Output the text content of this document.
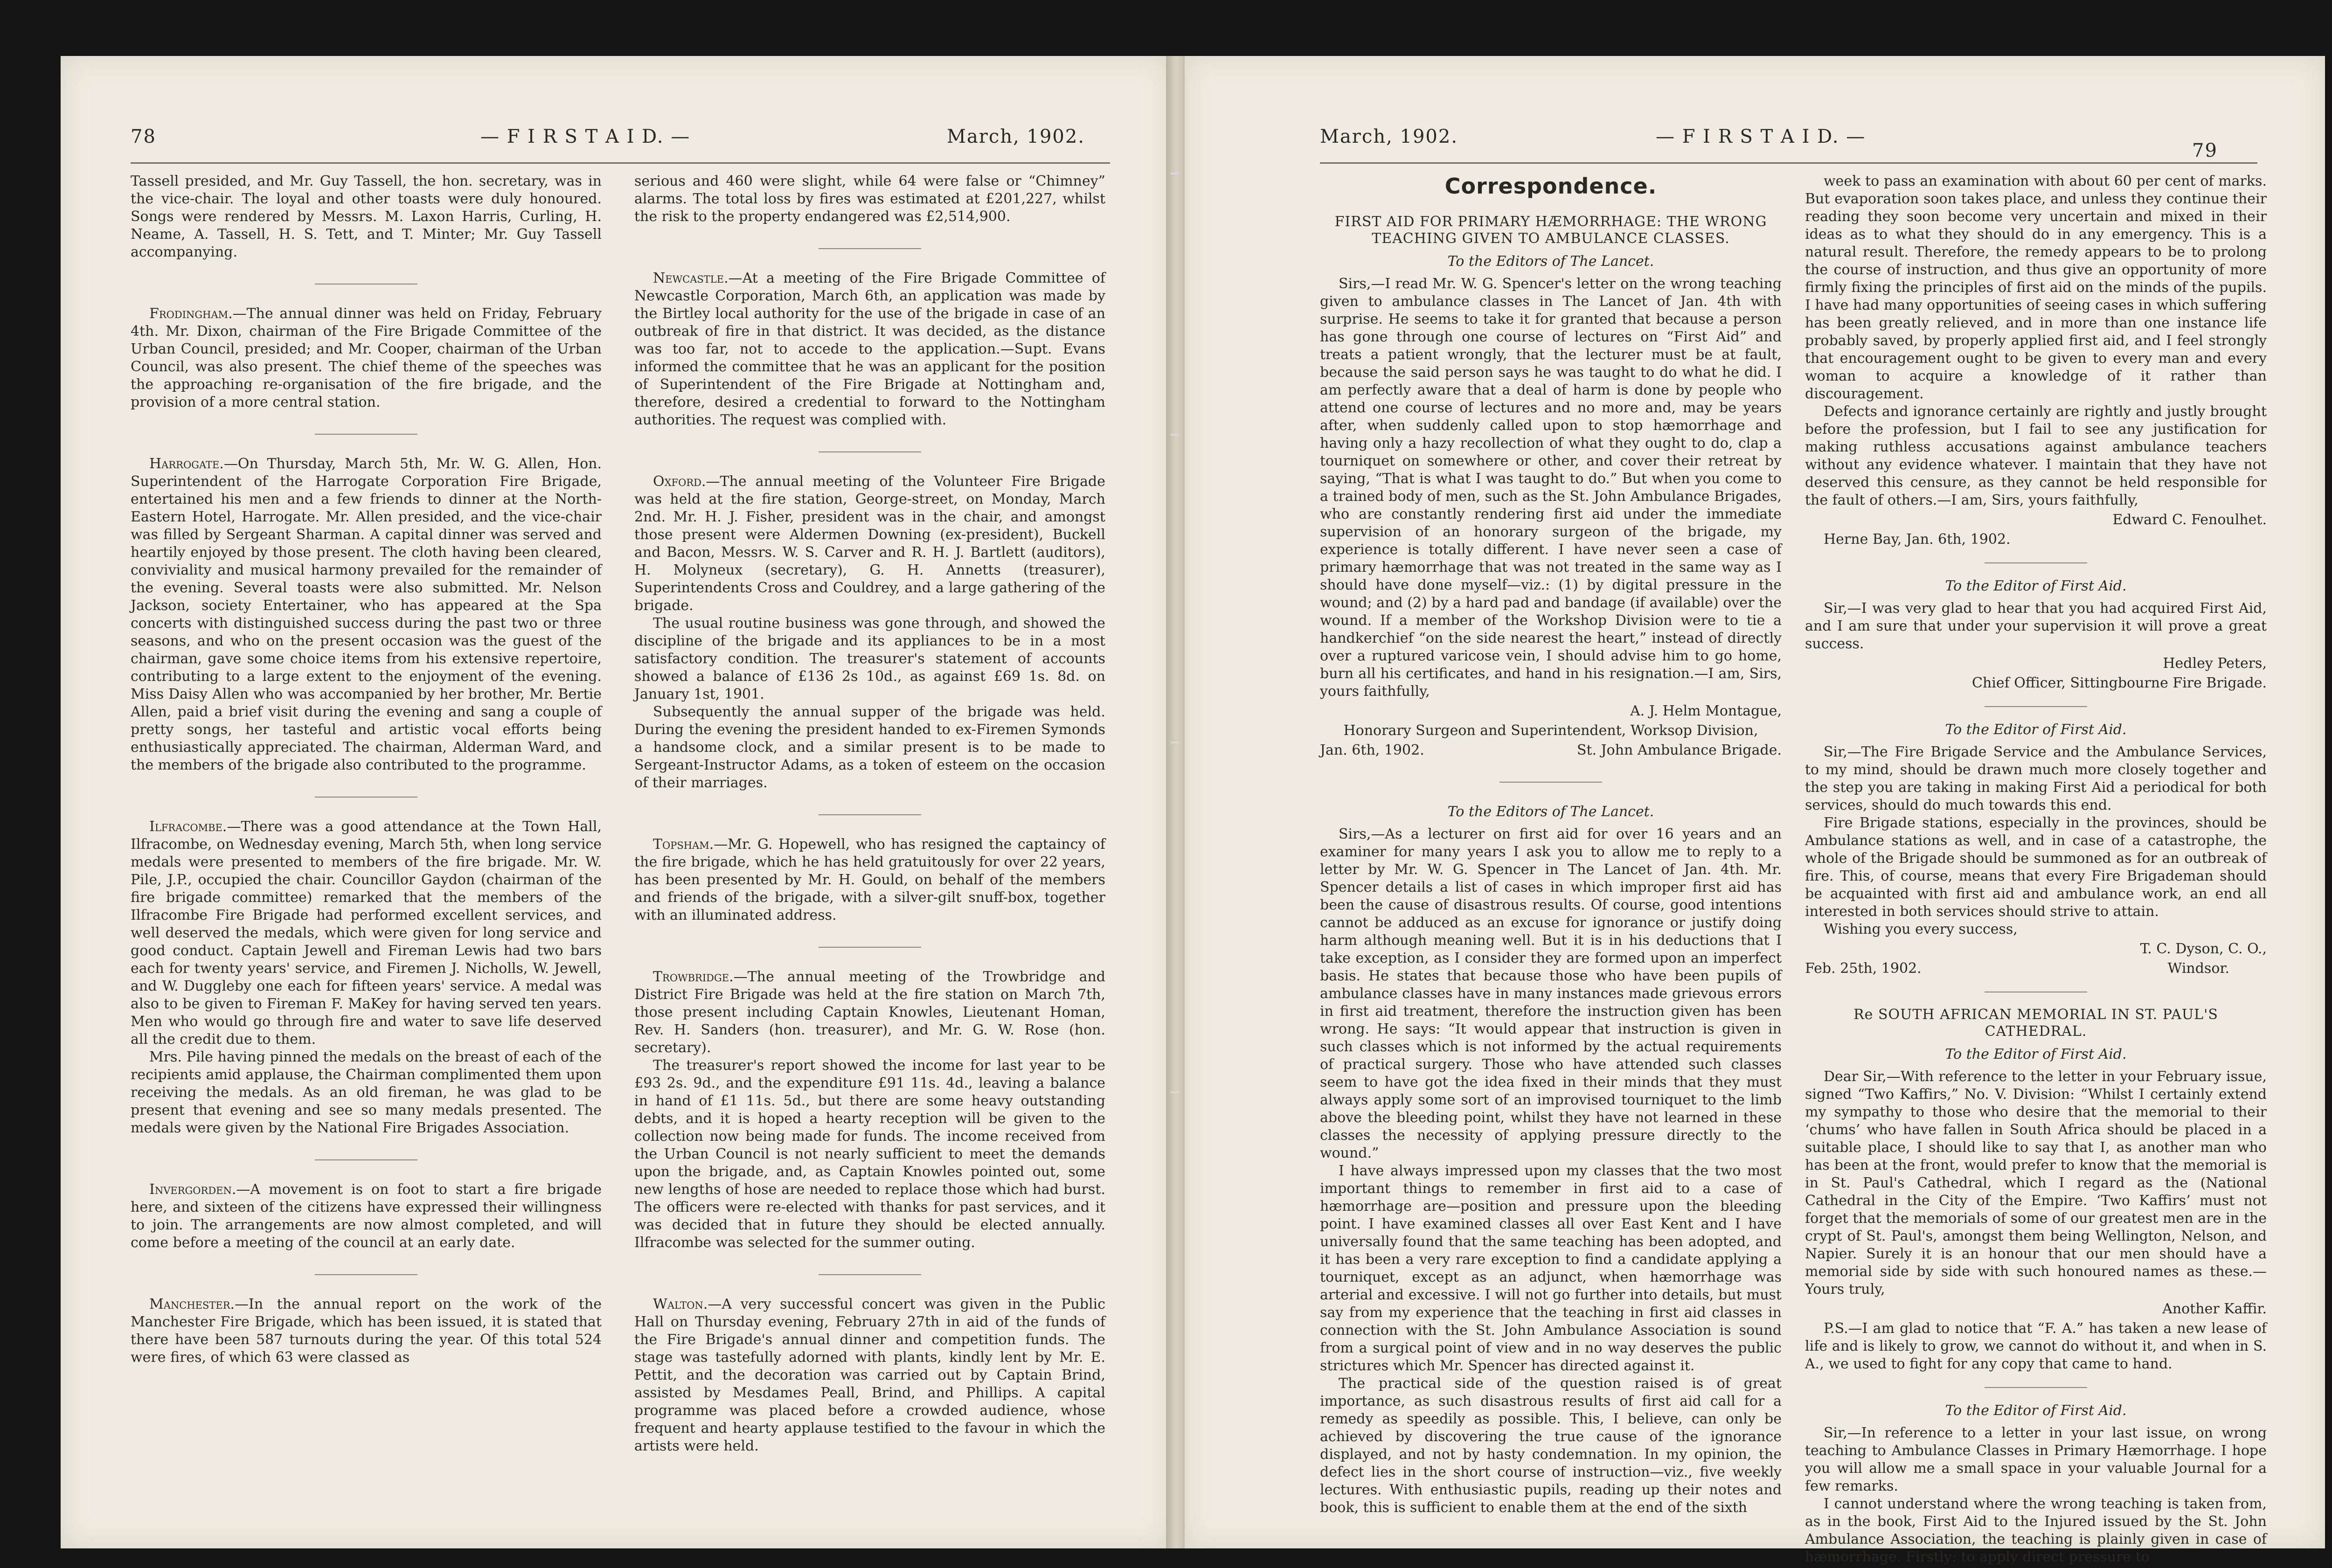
78	— F I R S T A I D. —	March, 1902.

Tassell presided, and Mr. Guy Tassell, the hon. secretary, was in the vice-chair. The loyal and other toasts were duly honoured. Songs were rendered by Messrs. M. Laxon Harris, Curling, H. Neame, A. Tassell, H. S. Tett, and T. Minter; Mr. Guy Tassell accompanying.

Frodingham.—The annual dinner was held on Friday, February 4th. Mr. Dixon, chairman of the Fire Brigade Committee of the Urban Council, presided; and Mr. Cooper, chairman of the Urban Council, was also present. The chief theme of the speeches was the approaching re-organisation of the fire brigade, and the provision of a more central station.

Harrogate.—On Thursday, March 5th, Mr. W. G. Allen, Hon. Superintendent of the Harrogate Corporation Fire Brigade, entertained his men and a few friends to dinner at the North-Eastern Hotel, Harrogate. Mr. Allen presided, and the vice-chair was filled by Sergeant Sharman. A capital dinner was served and heartily enjoyed by those present. The cloth having been cleared, conviviality and musical harmony prevailed for the remainder of the evening. Several toasts were also submitted. Mr. Nelson Jackson, society Entertainer, who has appeared at the Spa concerts with distinguished success during the past two or three seasons, and who on the present occasion was the guest of the chairman, gave some choice items from his extensive repertoire, contributing to a large extent to the enjoyment of the evening. Miss Daisy Allen who was accompanied by her brother, Mr. Bertie Allen, paid a brief visit during the evening and sang a couple of pretty songs, her tasteful and artistic vocal efforts being enthusiastically appreciated. The chairman, Alderman Ward, and the members of the brigade also contributed to the programme.

Ilfracombe.—There was a good attendance at the Town Hall, Ilfracombe, on Wednesday evening, March 5th, when long service medals were presented to members of the fire brigade. Mr. W. Pile, J.P., occupied the chair. Councillor Gaydon (chairman of the fire brigade committee) remarked that the members of the Ilfracombe Fire Brigade had performed excellent services, and well deserved the medals, which were given for long service and good conduct. Captain Jewell and Fireman Lewis had two bars each for twenty years' service, and Firemen J. Nicholls, W. Jewell, and W. Duggleby one each for fifteen years' service. A medal was also to be given to Fireman F. MaKey for having served ten years. Men who would go through fire and water to save life deserved all the credit due to them.

Mrs. Pile having pinned the medals on the breast of each of the recipients amid applause, the Chairman complimented them upon receiving the medals. As an old fireman, he was glad to be present that evening and see so many medals presented. The medals were given by the National Fire Brigades Association.

Invergorden.—A movement is on foot to start a fire brigade here, and sixteen of the citizens have expressed their willingness to join. The arrangements are now almost completed, and will come before a meeting of the council at an early date.

Manchester.—In the annual report on the work of the Manchester Fire Brigade, which has been issued, it is stated that there have been 587 turnouts during the year. Of this total 524 were fires, of which 63 were classed as

serious and 460 were slight, while 64 were false or “Chimney” alarms. The total loss by fires was estimated at £201,227, whilst the risk to the property endangered was £2,514,900.

Newcastle.—At a meeting of the Fire Brigade Committee of Newcastle Corporation, March 6th, an application was made by the Birtley local authority for the use of the brigade in case of an outbreak of fire in that district. It was decided, as the distance was too far, not to accede to the application.—Supt. Evans informed the committee that he was an applicant for the position of Superintendent of the Fire Brigade at Nottingham and, therefore, desired a credential to forward to the Nottingham authorities. The request was complied with.

Oxford.—The annual meeting of the Volunteer Fire Brigade was held at the fire station, George-street, on Monday, March 2nd. Mr. H. J. Fisher, president was in the chair, and amongst those present were Aldermen Downing (ex-president), Buckell and Bacon, Messrs. W. S. Carver and R. H. J. Bartlett (auditors), H. Molyneux (secretary), G. H. Annetts (treasurer), Superintendents Cross and Couldrey, and a large gathering of the brigade.

The usual routine business was gone through, and showed the discipline of the brigade and its appliances to be in a most satisfactory condition. The treasurer's statement of accounts showed a balance of £136 2s 10d., as against £69 1s. 8d. on January 1st, 1901.

Subsequently the annual supper of the brigade was held. During the evening the president handed to ex-Firemen Symonds a handsome clock, and a similar present is to be made to Sergeant-Instructor Adams, as a token of esteem on the occasion of their marriages.

Topsham.—Mr. G. Hopewell, who has resigned the captaincy of the fire brigade, which he has held gratuitously for over 22 years, has been presented by Mr. H. Gould, on behalf of the members and friends of the brigade, with a silver-gilt snuff-box, together with an illuminated address.

Trowbridge.—The annual meeting of the Trowbridge and District Fire Brigade was held at the fire station on March 7th, those present including Captain Knowles, Lieutenant Homan, Rev. H. Sanders (hon. treasurer), and Mr. G. W. Rose (hon. secretary).

The treasurer's report showed the income for last year to be £93 2s. 9d., and the expenditure £91 11s. 4d., leaving a balance in hand of £1 11s. 5d., but there are some heavy outstanding debts, and it is hoped a hearty reception will be given to the collection now being made for funds. The income received from the Urban Council is not nearly sufficient to meet the demands upon the brigade, and, as Captain Knowles pointed out, some new lengths of hose are needed to replace those which had burst. The officers were re-elected with thanks for past services, and it was decided that in future they should be elected annually. Ilfracombe was selected for the summer outing.

Walton.—A very successful concert was given in the Public Hall on Thursday evening, February 27th in aid of the funds of the Fire Brigade's annual dinner and competition funds. The stage was tastefully adorned with plants, kindly lent by Mr. E. Pettit, and the decoration was carried out by Captain Brind, assisted by Mesdames Peall, Brind, and Phillips. A capital programme was placed before a crowded audience, whose frequent and hearty applause testified to the favour in which the artists were held.

March, 1902.	— F I R S T A I D. —
79
Correspondence.
FIRST AID FOR PRIMARY HÆMORRHAGE: THE WRONG TEACHING GIVEN TO AMBULANCE CLASSES.
To the Editors of The Lancet.

Sirs,—I read Mr. W. G. Spencer's letter on the wrong teaching given to ambulance classes in The Lancet of Jan. 4th with surprise. He seems to take it for granted that because a person has gone through one course of lectures on “First Aid” and treats a patient wrongly, that the lecturer must be at fault, because the said person says he was taught to do what he did. I am perfectly aware that a deal of harm is done by people who attend one course of lectures and no more and, may be years after, when suddenly called upon to stop hæmorrhage and having only a hazy recollection of what they ought to do, clap a tourniquet on somewhere or other, and cover their retreat by saying, “That is what I was taught to do.” But when you come to a trained body of men, such as the St. John Ambulance Brigades, who are constantly rendering first aid under the immediate supervision of an honorary surgeon of the brigade, my experience is totally different. I have never seen a case of primary hæmorrhage that was not treated in the same way as I should have done myself—viz.: (1) by digital pressure in the wound; and (2) by a hard pad and bandage (if available) over the wound. If a member of the Workshop Division were to tie a handkerchief “on the side nearest the heart,” instead of directly over a ruptured varicose vein, I should advise him to go home, burn all his certificates, and hand in his resignation.—I am, Sirs, yours faithfully,

A. J. Helm Montague,
Honorary Surgeon and Superintendent, Worksop Division,
Jan. 6th, 1902.	St. John Ambulance Brigade.
To the Editors of The Lancet.

Sirs,—As a lecturer on first aid for over 16 years and an examiner for many years I ask you to allow me to reply to a letter by Mr. W. G. Spencer in The Lancet of Jan. 4th. Mr. Spencer details a list of cases in which improper first aid has been the cause of disastrous results. Of course, good intentions cannot be adduced as an excuse for ignorance or justify doing harm although meaning well. But it is in his deductions that I take exception, as I consider they are formed upon an imperfect basis. He states that because those who have been pupils of ambulance classes have in many instances made grievous errors in first aid treatment, therefore the instruction given has been wrong. He says: “It would appear that instruction is given in such classes which is not informed by the actual requirements of practical surgery. Those who have attended such classes seem to have got the idea fixed in their minds that they must always apply some sort of an improvised tourniquet to the limb above the bleeding point, whilst they have not learned in these classes the necessity of applying pressure directly to the wound.”

I have always impressed upon my classes that the two most important things to remember in first aid to a case of hæmorrhage are—position and pressure upon the bleeding point. I have examined classes all over East Kent and I have universally found that the same teaching has been adopted, and it has been a very rare exception to find a candidate applying a tourniquet, except as an adjunct, when hæmorrhage was arterial and excessive. I will not go further into details, but must say from my experience that the teaching in first aid classes in connection with the St. John Ambulance Association is sound from a surgical point of view and in no way deserves the public strictures which Mr. Spencer has directed against it.

The practical side of the question raised is of great importance, as such disastrous results of first aid call for a remedy as speedily as possible. This, I believe, can only be achieved by discovering the true cause of the ignorance displayed, and not by hasty condemnation. In my opinion, the defect lies in the short course of instruction—viz., five weekly lectures. With enthusiastic pupils, reading up their notes and book, this is sufficient to enable them at the end of the sixth

week to pass an examination with about 60 per cent of marks. But evaporation soon takes place, and unless they continue their reading they soon become very uncertain and mixed in their ideas as to what they should do in any emergency. This is a natural result. Therefore, the remedy appears to be to prolong the course of instruction, and thus give an opportunity of more firmly fixing the principles of first aid on the minds of the pupils. I have had many opportunities of seeing cases in which suffering has been greatly relieved, and in more than one instance life probably saved, by properly applied first aid, and I feel strongly that encouragement ought to be given to every man and every woman to acquire a knowledge of it rather than discouragement.

Defects and ignorance certainly are rightly and justly brought before the profession, but I fail to see any justification for making ruthless accusations against ambulance teachers without any evidence whatever. I maintain that they have not deserved this censure, as they cannot be held responsible for the fault of others.—I am, Sirs, yours faithfully,

Edward C. Fenoulhet.

Herne Bay, Jan. 6th, 1902.

To the Editor of First Aid.

Sir,—I was very glad to hear that you had acquired First Aid, and I am sure that under your supervision it will prove a great success.

Hedley Peters,
Chief Officer, Sittingbourne Fire Brigade.
To the Editor of First Aid.

Sir,—The Fire Brigade Service and the Ambulance Services, to my mind, should be drawn much more closely together and the step you are taking in making First Aid a periodical for both services, should do much towards this end.

Fire Brigade stations, especially in the provinces, should be Ambulance stations as well, and in case of a catastrophe, the whole of the Brigade should be summoned as for an outbreak of fire. This, of course, means that every Fire Brigademan should be acquainted with first aid and ambulance work, an end all interested in both services should strive to attain.

Wishing you every success,

T. C. Dyson, C. O.,
Feb. 25th, 1902.	Windsor.
Re SOUTH AFRICAN MEMORIAL IN ST. PAUL'S CATHEDRAL.
To the Editor of First Aid.

Dear Sir,—With reference to the letter in your February issue, signed “Two Kaffirs,” No. V. Division: “Whilst I certainly extend my sympathy to those who desire that the memorial to their ‘chums’ who have fallen in South Africa should be placed in a suitable place, I should like to say that I, as another man who has been at the front, would prefer to know that the memorial is in St. Paul's Cathedral, which I regard as the (National Cathedral in the City of the Empire. ‘Two Kaffirs’ must not forget that the memorials of some of our greatest men are in the crypt of St. Paul's, amongst them being Wellington, Nelson, and Napier. Surely it is an honour that our men should have a memorial side by side with such honoured names as these.—Yours truly,

Another Kaffir.

P.S.—I am glad to notice that “F. A.” has taken a new lease of life and is likely to grow, we cannot do without it, and when in S. A., we used to fight for any copy that came to hand.

To the Editor of First Aid.

Sir,—In reference to a letter in your last issue, on wrong teaching to Ambulance Classes in Primary Hæmorrhage. I hope you will allow me a small space in your valuable Journal for a few remarks.

I cannot understand where the wrong teaching is taken from, as in the book, First Aid to the Injured issued by the St. John Ambulance Association, the teaching is plainly given in case of hæmorrhage. Firstly: to apply direct pressure to
